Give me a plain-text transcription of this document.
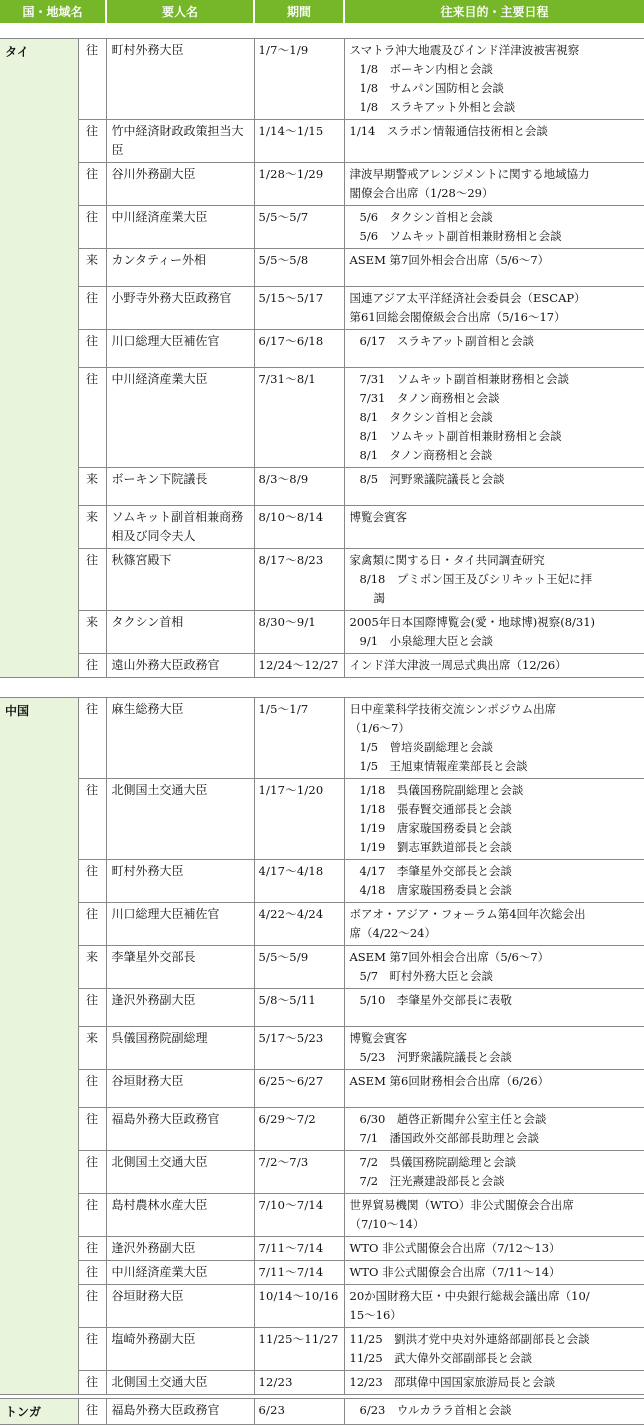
国・地域名	要人名	期間	往来目的・主要日程
タイ	往	町村外務大臣	1/7～1/9	スマトラ沖大地震及びインド洋津波被害視察
1/8　ボーキン内相と会談
1/8　サムパン国防相と会談
1/8　スラキアット外相と会談

	往	竹中経済財政政策担当大臣	1/14～1/15	1/14　スラポン情報通信技術相と会談

	往	谷川外務副大臣	1/28～1/29	津波早期警戒アレンジメントに関する地域協力
閣僚会合出席（1/28～29）

	往	中川経済産業大臣	5/5～5/7	5/6　タクシン首相と会談
5/6　ソムキット副首相兼財務相と会談

	来	カンタティー外相	5/5～5/8	ASEM 第7回外相会合出席（5/6～7）

	往	小野寺外務大臣政務官	5/15～5/17	国連アジア太平洋経済社会委員会（ESCAP）
第61回総会閣僚級会合出席（5/16～17）

	往	川口総理大臣補佐官	6/17～6/18	6/17　スラキアット副首相と会談

	往	中川経済産業大臣	7/31～8/1	7/31　ソムキット副首相兼財務相と会談
7/31　タノン商務相と会談
8/1　タクシン首相と会談
8/1　ソムキット副首相兼財務相と会談
8/1　タノン商務相と会談

	来	ボーキン下院議長	8/3～8/9	8/5　河野衆議院議長と会談

	来	ソムキット副首相兼商務相及び同令夫人	8/10～8/14	博覧会賓客

	往	秋篠宮殿下	8/17～8/23	家禽類に関する日・タイ共同調査研究
8/18　プミポン国王及びシリキット王妃に拝
謁

	来	タクシン首相	8/30～9/1	2005年日本国際博覧会(愛・地球博)視察(8/31)
9/1　小泉総理大臣と会談

	往	遠山外務大臣政務官	12/24～12/27	インド洋大津波一周忌式典出席（12/26）
中国	往	麻生総務大臣	1/5～1/7	日中産業科学技術交流シンポジウム出席
（1/6～7）
1/5　曾培炎副総理と会談
1/5　王旭東情報産業部長と会談

	往	北側国土交通大臣	1/17～1/20	1/18　呉儀国務院副総理と会談
1/18　張春賢交通部長と会談
1/19　唐家璇国務委員と会談
1/19　劉志軍鉄道部長と会談

	往	町村外務大臣	4/17～4/18	4/17　李肇星外交部長と会談
4/18　唐家璇国務委員と会談

	往	川口総理大臣補佐官	4/22～4/24	ボアオ・アジア・フォーラム第4回年次総会出
席（4/22～24）

	来	李肇星外交部長	5/5～5/9	ASEM 第7回外相会合出席（5/6～7）
5/7　町村外務大臣と会談

	往	逢沢外務副大臣	5/8～5/11	5/10　李肇星外交部長に表敬

	来	呉儀国務院副総理	5/17～5/23	博覧会賓客
5/23　河野衆議院議長と会談

	往	谷垣財務大臣	6/25～6/27	ASEM 第6回財務相会合出席（6/26）

	往	福島外務大臣政務官	6/29～7/2	6/30　趙啓正新聞弁公室主任と会談
7/1　潘国政外交部部長助理と会談

	往	北側国土交通大臣	7/2～7/3	7/2　呉儀国務院副総理と会談
7/2　汪光燾建設部長と会談

	往	島村農林水産大臣	7/10～7/14	世界貿易機関（WTO）非公式閣僚会合出席
（7/10～14）

	往	逢沢外務副大臣	7/11～7/14	WTO 非公式閣僚会合出席（7/12～13）

	往	中川経済産業大臣	7/11～7/14	WTO 非公式閣僚会合出席（7/11～14）

	往	谷垣財務大臣	10/14～10/16	20か国財務大臣・中央銀行総裁会議出席（10/
15～16）

	往	塩崎外務副大臣	11/25～11/27	11/25　劉洪才党中央対外連絡部副部長と会談
11/25　武大偉外交部副部長と会談

	往	北側国土交通大臣	12/23	12/23　邵琪偉中国国家旅游局長と会談
トンガ	往	福島外務大臣政務官	6/23	6/23　ウルカララ首相と会談
